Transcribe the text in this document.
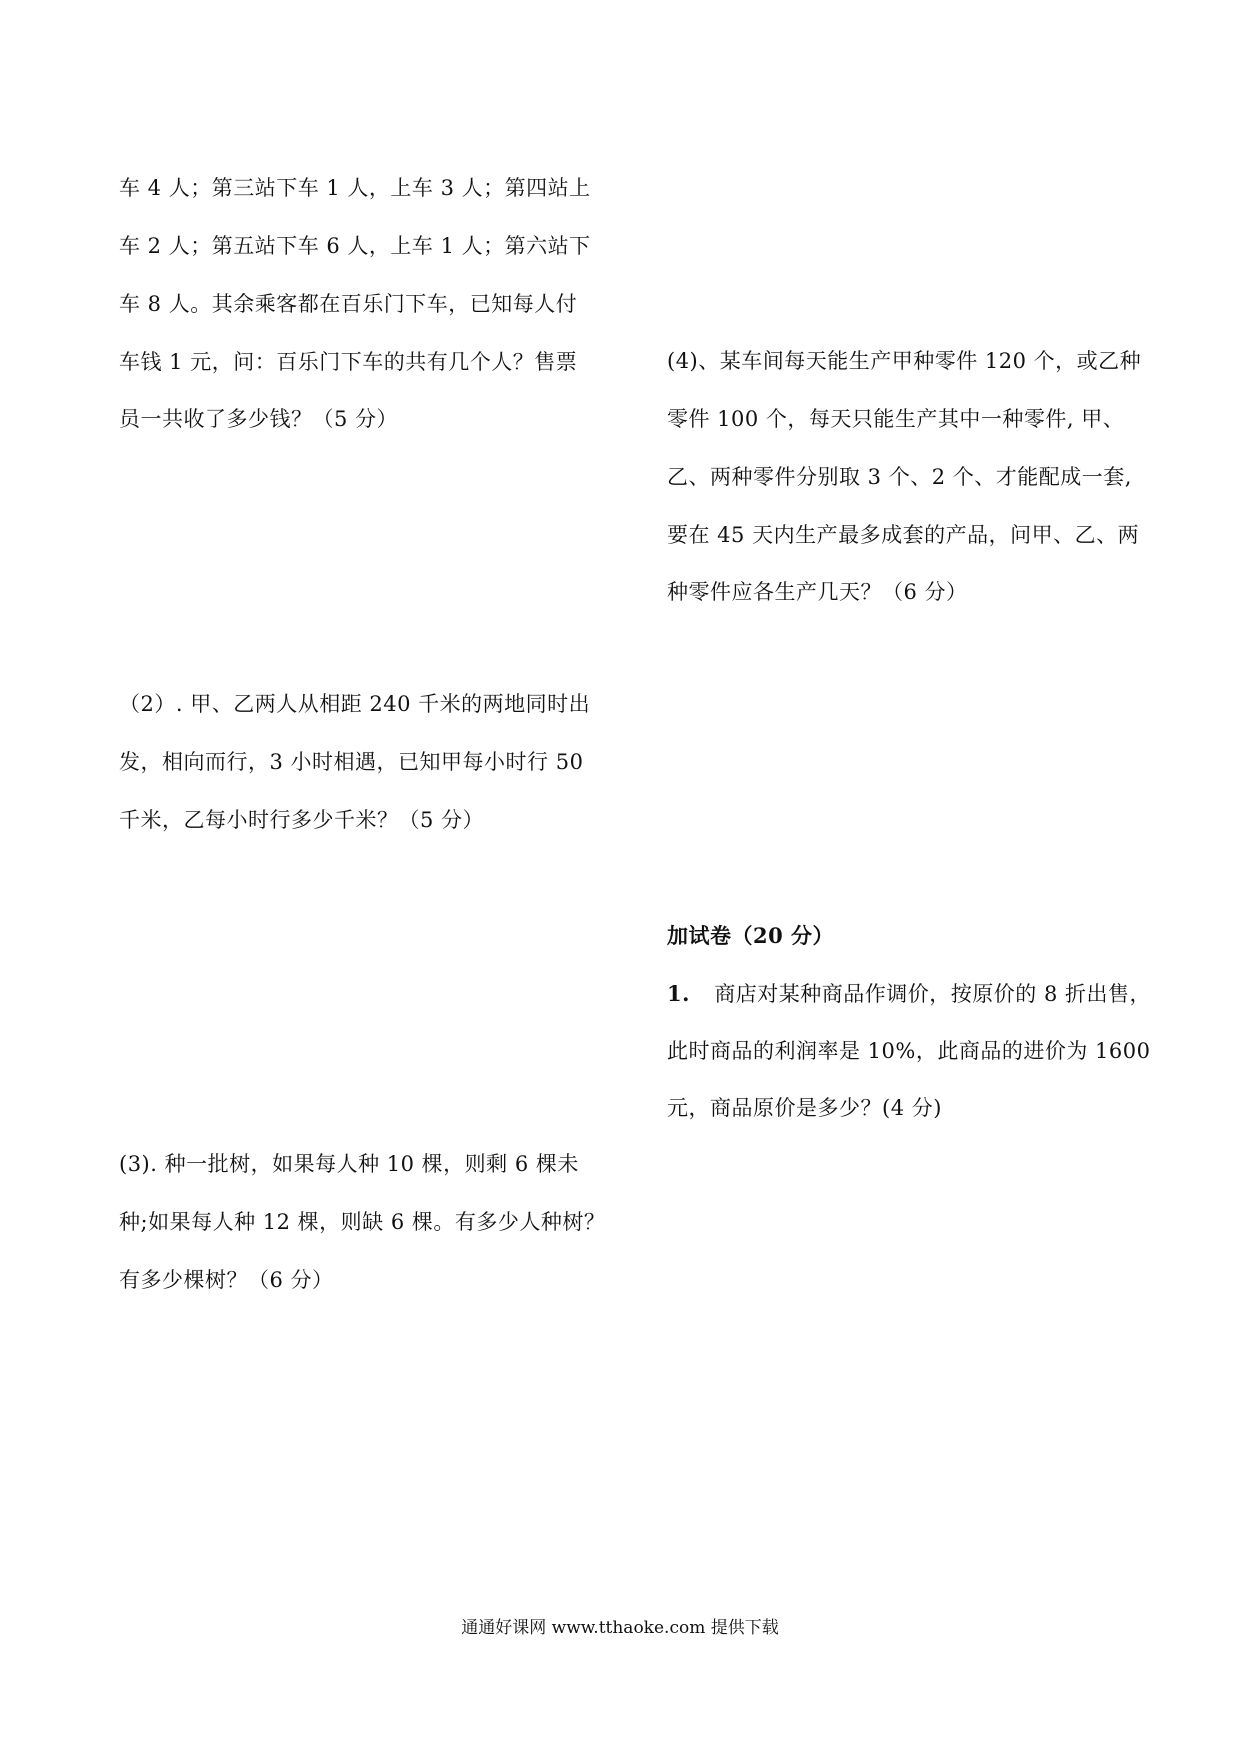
车 4 人；第三站下车 1 人，上车 3 人；第四站上
车 2 人；第五站下车 6 人，上车 1 人；第六站下
车 8 人。其余乘客都在百乐门下车，已知每人付
车钱 1 元，问：百乐门下车的共有几个人？售票
员一共收了多少钱？（5 分）
（2）. 甲、乙两人从相距 240 千米的两地同时出
发，相向而行，3 小时相遇，已知甲每小时行 50
千米，乙每小时行多少千米？（5 分）
(3). 种一批树，如果每人种 10 棵，则剩 6 棵未
种;如果每人种 12 棵，则缺 6 棵。有多少人种树？
有多少棵树？（6 分）
(4)、某车间每天能生产甲种零件 120 个，或乙种
零件 100 个，每天只能生产其中一种零件, 甲、
乙、两种零件分别取 3 个、2 个、才能配成一套,
要在 45 天内生产最多成套的产品，问甲、乙、两
种零件应各生产几天？（6 分）
加试卷（20 分）
1. 商店对某种商品作调价，按原价的 8 折出售，
此时商品的利润率是 10%，此商品的进价为 1600
元，商品原价是多少？(4 分)
通通好课网 www.tthaoke.com 提供下载
